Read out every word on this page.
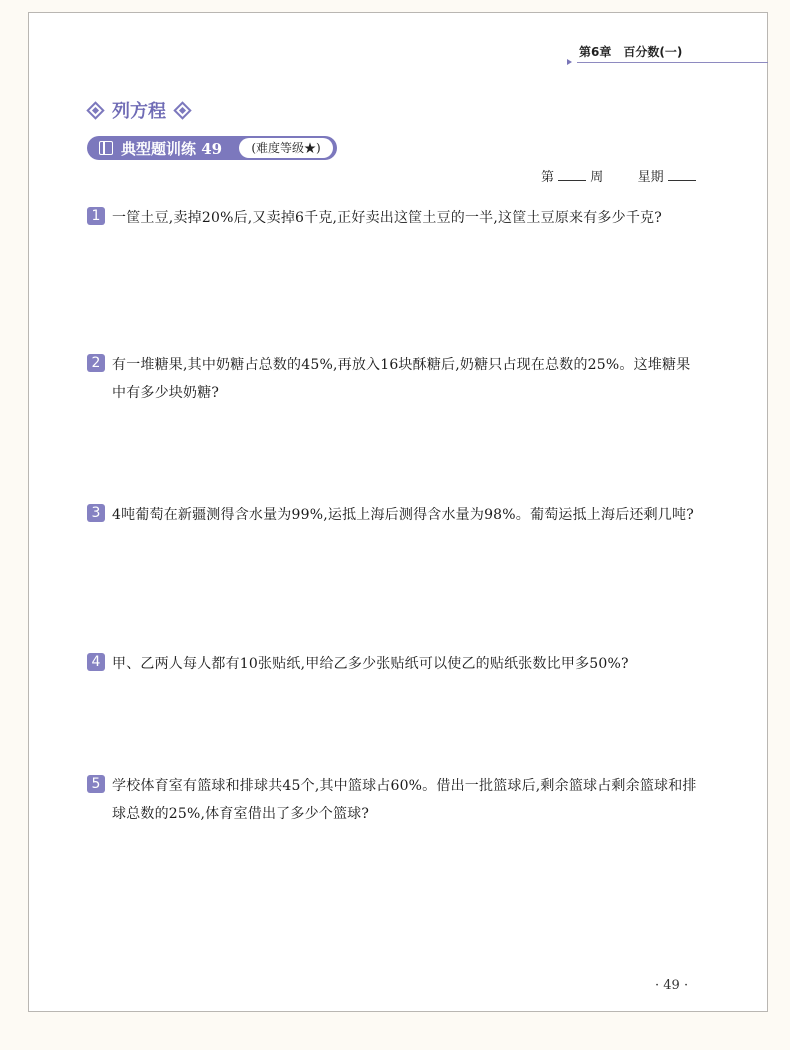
第6章 百分数(一)
列方程
典型题训练 49	(难度等级★)
第	周	星期
1 一筐土豆,卖掉20%后,又卖掉6千克,正好卖出这筐土豆的一半,这筐土豆原来有多少千克?
2 有一堆糖果,其中奶糖占总数的45%,再放入16块酥糖后,奶糖只占现在总数的25%。这堆糖果中有多少块奶糖?
3 4吨葡萄在新疆测得含水量为99%,运抵上海后测得含水量为98%。葡萄运抵上海后还剩几吨?
4 甲、乙两人每人都有10张贴纸,甲给乙多少张贴纸可以使乙的贴纸张数比甲多50%?
5 学校体育室有篮球和排球共45个,其中篮球占60%。借出一批篮球后,剩余篮球占剩余篮球和排球总数的25%,体育室借出了多少个篮球?
· 49 ·
